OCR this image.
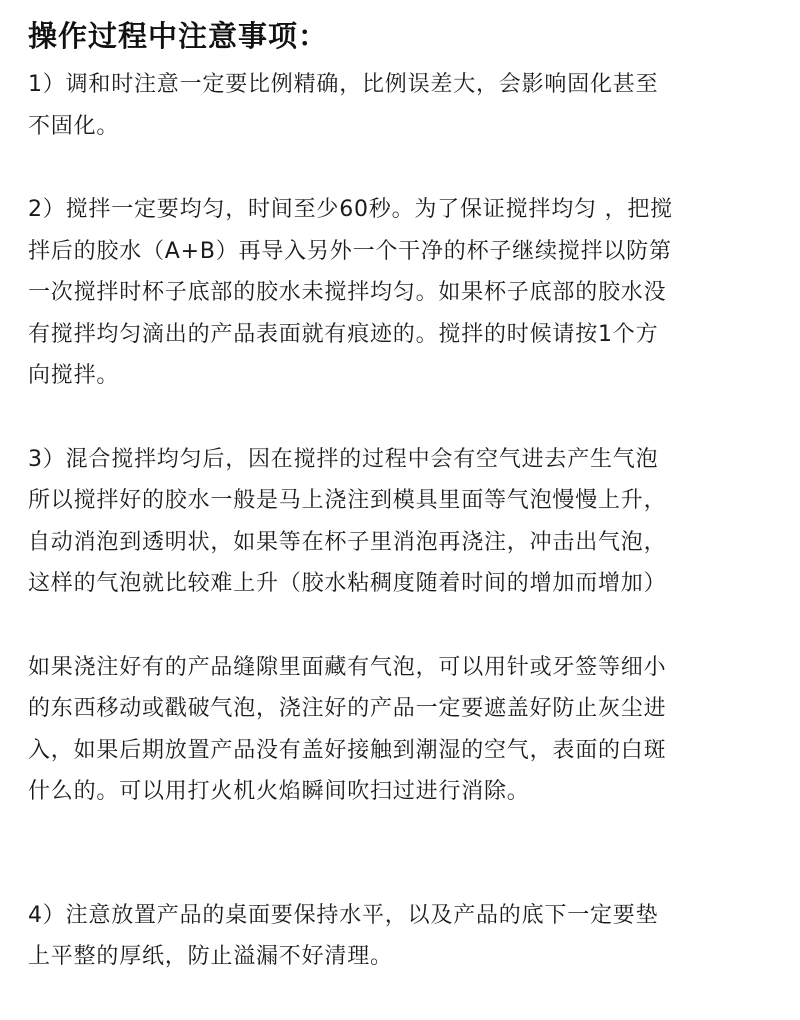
操作过程中注意事项：

1）调和时注意一定要比例精确，比例误差大，会影响固化甚至
不固化。

2）搅拌一定要均匀，时间至少60秒。为了保证搅拌均匀 ，把搅
拌后的胶水（A+B）再导入另外一个干净的杯子继续搅拌以防第
一次搅拌时杯子底部的胶水未搅拌均匀。如果杯子底部的胶水没
有搅拌均匀滴出的产品表面就有痕迹的。搅拌的时候请按1个方
向搅拌。

3）混合搅拌均匀后，因在搅拌的过程中会有空气进去产生气泡
所以搅拌好的胶水一般是马上浇注到模具里面等气泡慢慢上升，
自动消泡到透明状，如果等在杯子里消泡再浇注，冲击出气泡，
这样的气泡就比较难上升（胶水粘稠度随着时间的增加而增加）

如果浇注好有的产品缝隙里面藏有气泡，可以用针或牙签等细小
的东西移动或戳破气泡，浇注好的产品一定要遮盖好防止灰尘进
入，如果后期放置产品没有盖好接触到潮湿的空气，表面的白斑
什么的。可以用打火机火焰瞬间吹扫过进行消除。

4）注意放置产品的桌面要保持水平，以及产品的底下一定要垫
上平整的厚纸，防止溢漏不好清理。
